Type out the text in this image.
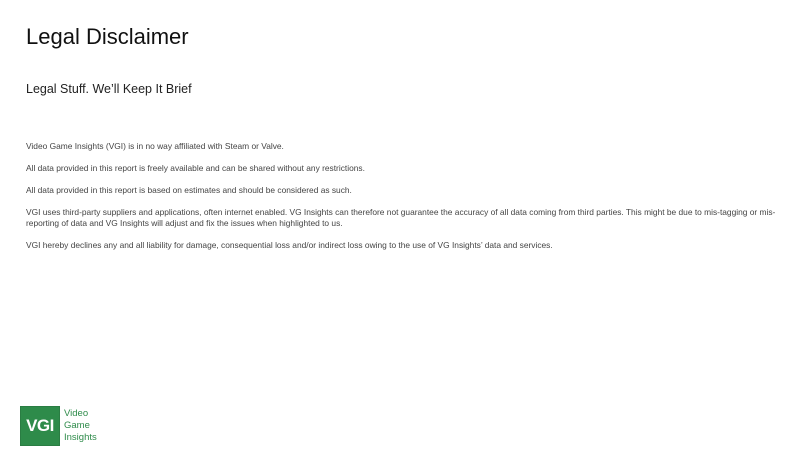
Legal Disclaimer
Legal Stuff. We’ll Keep It Brief

Video Game Insights (VGI) is in no way affiliated with Steam or Valve.

All data provided in this report is freely available and can be shared without any restrictions.

All data provided in this report is based on estimates and should be considered as such.

VGI uses third-party suppliers and applications, often internet enabled. VG Insights can therefore not guarantee the accuracy of all data coming from third parties. This might be due to mis-tagging or mis-reporting of data and VG Insights will adjust and fix the issues when highlighted to us.

VGI hereby declines any and all liability for damage, consequential loss and/or indirect loss owing to the use of VG Insights’ data and services.

VGI
Video
Game
Insights
